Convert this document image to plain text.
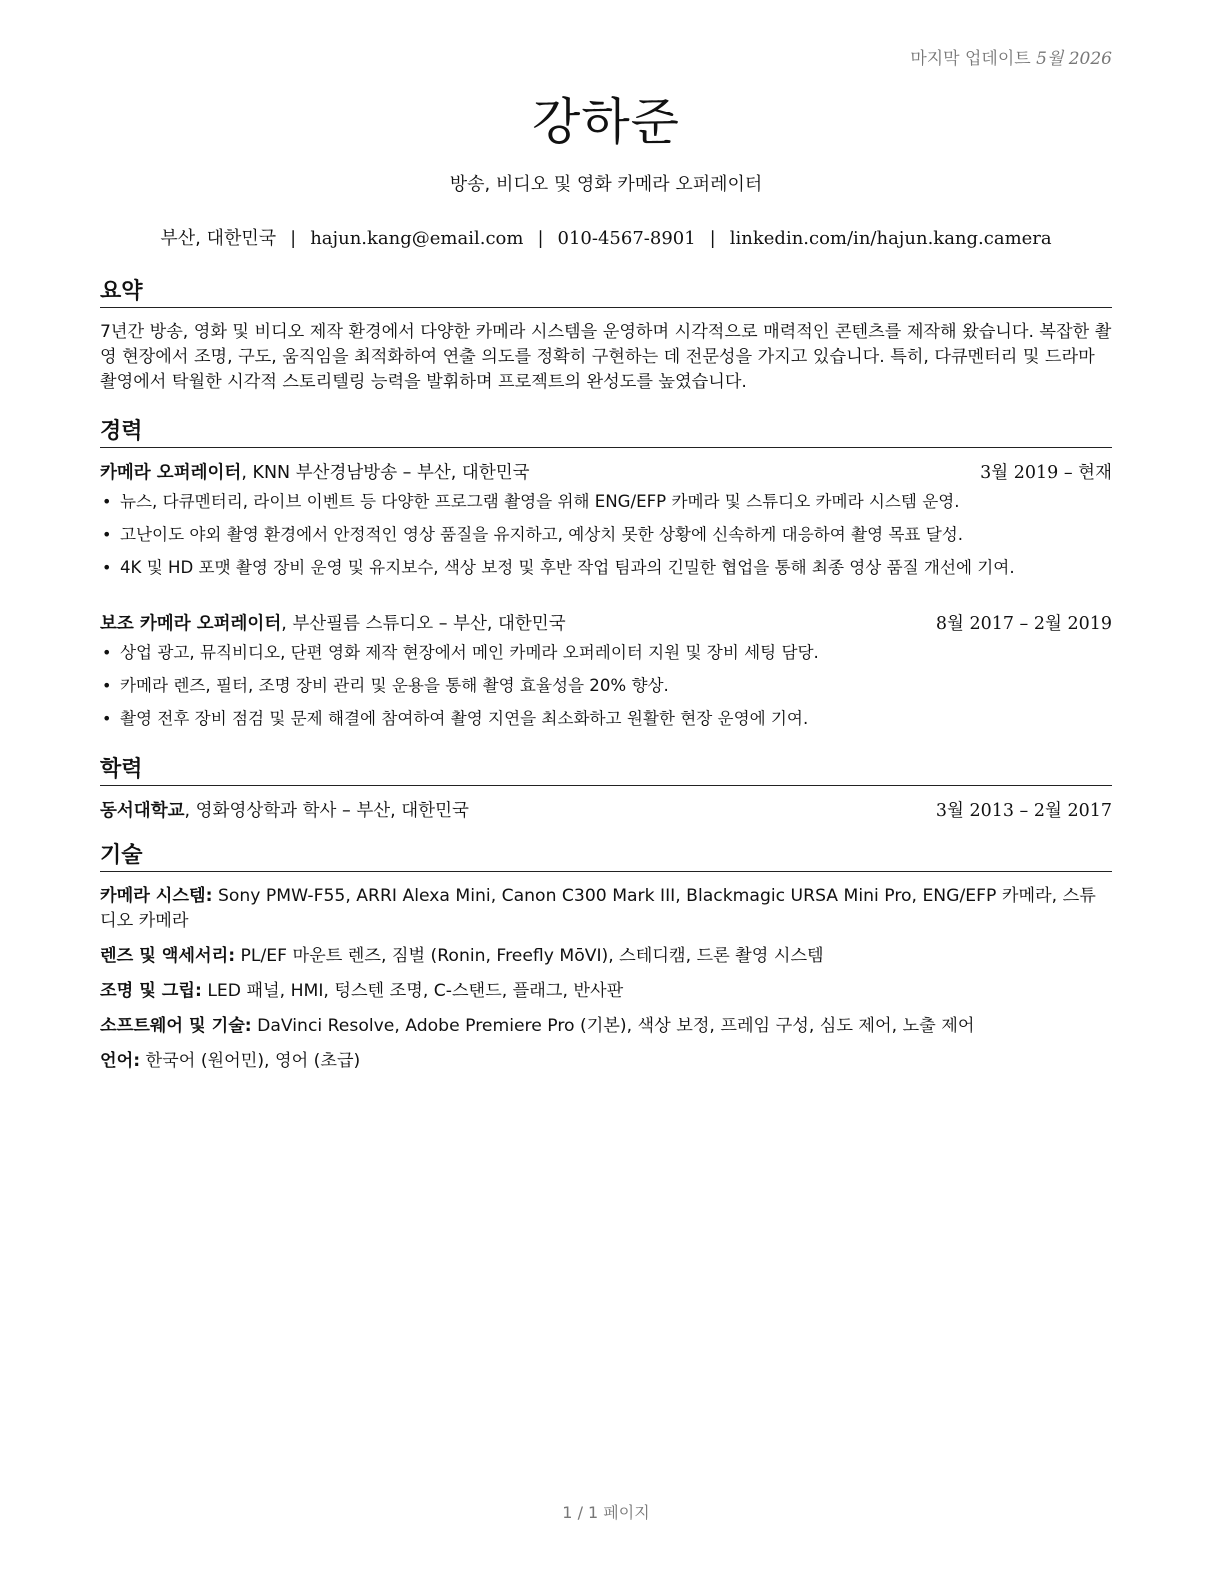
마지막 업데이트 5월 2026
강하준
방송, 비디오 및 영화 카메라 오퍼레이터
부산, 대한민국 | hajun.kang@email.com | 010-4567-8901 | linkedin.com/in/hajun.kang.camera
요약
7년간 방송, 영화 및 비디오 제작 환경에서 다양한 카메라 시스템을 운영하며 시각적으로 매력적인 콘텐츠를 제작해 왔습니다. 복잡한 촬영 현장에서 조명, 구도, 움직임을 최적화하여 연출 의도를 정확히 구현하는 데 전문성을 가지고 있습니다. 특히, 다큐멘터리 및 드라마 촬영에서 탁월한 시각적 스토리텔링 능력을 발휘하며 프로젝트의 완성도를 높였습니다.
경력
카메라 오퍼레이터, KNN 부산경남방송 – 부산, 대한민국	3월 2019 – 현재
• 뉴스, 다큐멘터리, 라이브 이벤트 등 다양한 프로그램 촬영을 위해 ENG/EFP 카메라 및 스튜디오 카메라 시스템 운영.
• 고난이도 야외 촬영 환경에서 안정적인 영상 품질을 유지하고, 예상치 못한 상황에 신속하게 대응하여 촬영 목표 달성.
• 4K 및 HD 포맷 촬영 장비 운영 및 유지보수, 색상 보정 및 후반 작업 팀과의 긴밀한 협업을 통해 최종 영상 품질 개선에 기여.
보조 카메라 오퍼레이터, 부산필름 스튜디오 – 부산, 대한민국	8월 2017 – 2월 2019
• 상업 광고, 뮤직비디오, 단편 영화 제작 현장에서 메인 카메라 오퍼레이터 지원 및 장비 세팅 담당.
• 카메라 렌즈, 필터, 조명 장비 관리 및 운용을 통해 촬영 효율성을 20% 향상.
• 촬영 전후 장비 점검 및 문제 해결에 참여하여 촬영 지연을 최소화하고 원활한 현장 운영에 기여.
학력
동서대학교, 영화영상학과 학사 – 부산, 대한민국	3월 2013 – 2월 2017
기술
카메라 시스템: Sony PMW-F55, ARRI Alexa Mini, Canon C300 Mark III, Blackmagic URSA Mini Pro, ENG/EFP 카메라, 스튜디오 카메라
렌즈 및 액세서리: PL/EF 마운트 렌즈, 짐벌 (Ronin, Freefly MōVI), 스테디캠, 드론 촬영 시스템
조명 및 그립: LED 패널, HMI, 텅스텐 조명, C-스탠드, 플래그, 반사판
소프트웨어 및 기술: DaVinci Resolve, Adobe Premiere Pro (기본), 색상 보정, 프레임 구성, 심도 제어, 노출 제어
언어: 한국어 (원어민), 영어 (초급)
1 / 1 페이지
